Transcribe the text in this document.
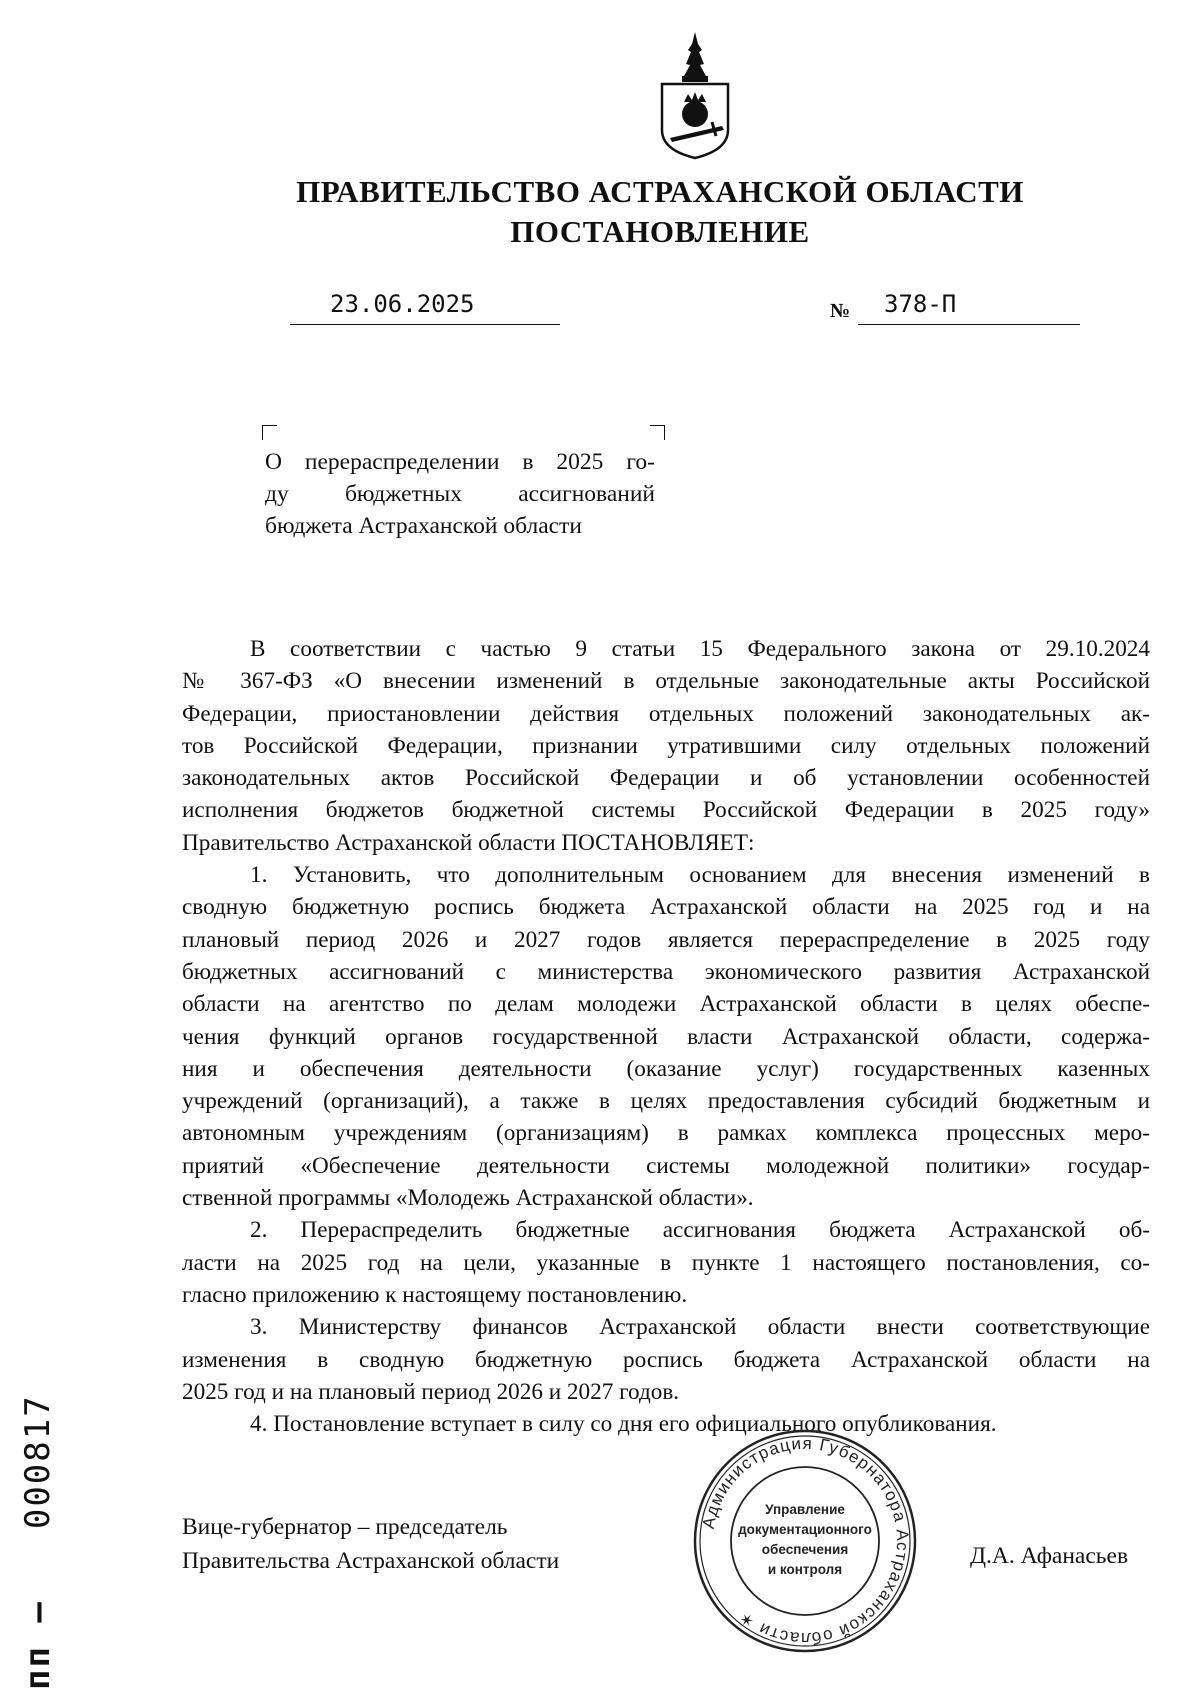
ПРАВИТЕЛЬСТВО АСТРАХАНСКОЙ ОБЛАСТИ
ПОСТАНОВЛЕНИЕ
23.06.2025	№ 378-П
О перераспределении в 2025 го-
ду бюджетных ассигнований
бюджета Астраханской области
В соответствии с частью 9 статьи 15 Федерального закона от 29.10.2024
№ 367-ФЗ «О внесении изменений в отдельные законодательные акты Российской
Федерации, приостановлении действия отдельных положений законодательных ак-
тов Российской Федерации, признании утратившими силу отдельных положений
законодательных актов Российской Федерации и об установлении особенностей
исполнения бюджетов бюджетной системы Российской Федерации в 2025 году»
Правительство Астраханской области ПОСТАНОВЛЯЕТ:
1. Установить, что дополнительным основанием для внесения изменений в
сводную бюджетную роспись бюджета Астраханской области на 2025 год и на
плановый период 2026 и 2027 годов является перераспределение в 2025 году
бюджетных ассигнований с министерства экономического развития Астраханской
области на агентство по делам молодежи Астраханской области в целях обеспе-
чения функций органов государственной власти Астраханской области, содержа-
ния и обеспечения деятельности (оказание услуг) государственных казенных
учреждений (организаций), а также в целях предоставления субсидий бюджетным и
автономным учреждениям (организациям) в рамках комплекса процессных меро-
приятий «Обеспечение деятельности системы молодежной политики» государ-
ственной программы «Молодежь Астраханской области».
2. Перераспределить бюджетные ассигнования бюджета Астраханской об-
ласти на 2025 год на цели, указанные в пункте 1 настоящего постановления, со-
гласно приложению к настоящему постановлению.
3. Министерству финансов Астраханской области внести соответствующие
изменения в сводную бюджетную роспись бюджета Астраханской области на
2025 год и на плановый период 2026 и 2027 годов.
4. Постановление вступает в силу со дня его официального опубликования.
Вице-губернатор – председатель
Правительства Астраханской области	Д.А. Афанасьев
Администрация Губернатора Астраханской области ✶
Управление
документационного
обеспечения
и контроля
пп –  000817
